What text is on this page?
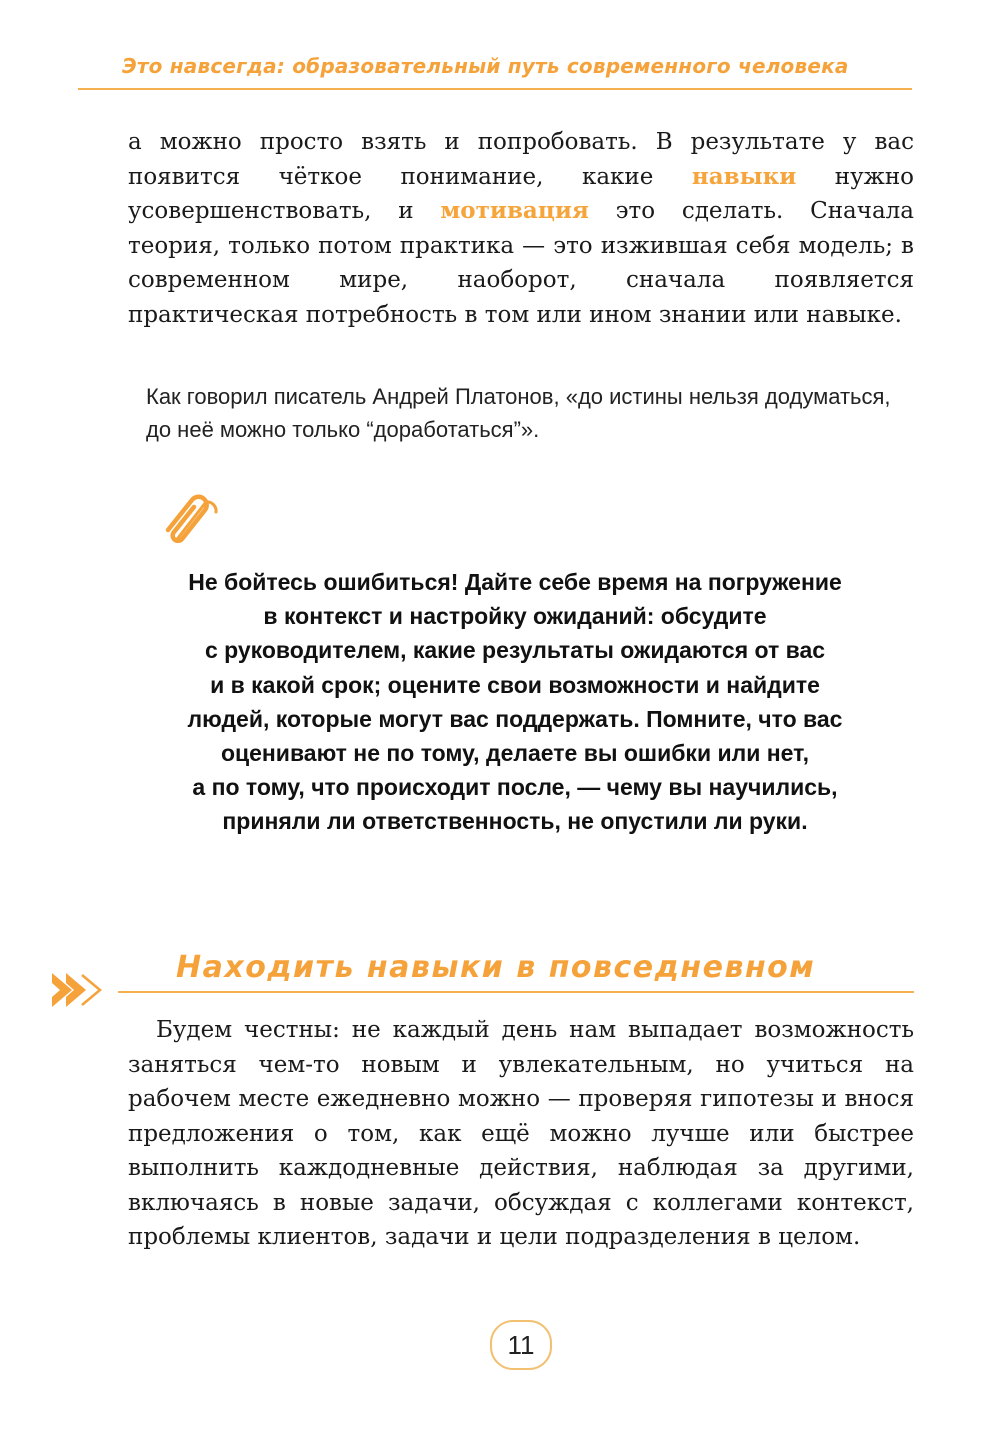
Это навсегда: образовательный путь современного человека

а можно просто взять и попробовать. В результате у вас появится чёткое понимание, какие навыки нужно усовершенствовать, и мотивация это сделать. Сначала теория, только потом практика — это изжившая себя модель; в современном мире, наоборот, сначала появляется практическая потребность в том или ином знании или навыке.

Как говорил писатель Андрей Платонов, «до истины нельзя додуматься, до неё можно только “доработаться”».

Не бойтесь ошибиться! Дайте себе время на погружение
в контекст и настройку ожиданий: обсудите
с руководителем, какие результаты ожидаются от вас
и в какой срок; оцените свои возможности и найдите
людей, которые могут вас поддержать. Помните, что вас
оценивают не по тому, делаете вы ошибки или нет,
а по тому, что происходит после, — чему вы научились,
приняли ли ответственность, не опустили ли руки.
Находить навыки в повседневном

Будем честны: не каждый день нам выпадает возможность заняться чем-то новым и увлекательным, но учиться на рабочем месте ежедневно можно — проверяя гипотезы и внося предложения о том, как ещё можно лучше или быстрее выполнить каждодневные действия, наблюдая за другими, включаясь в новые задачи, обсуждая с коллегами контекст, проблемы клиентов, задачи и цели подразделения в целом.

11
